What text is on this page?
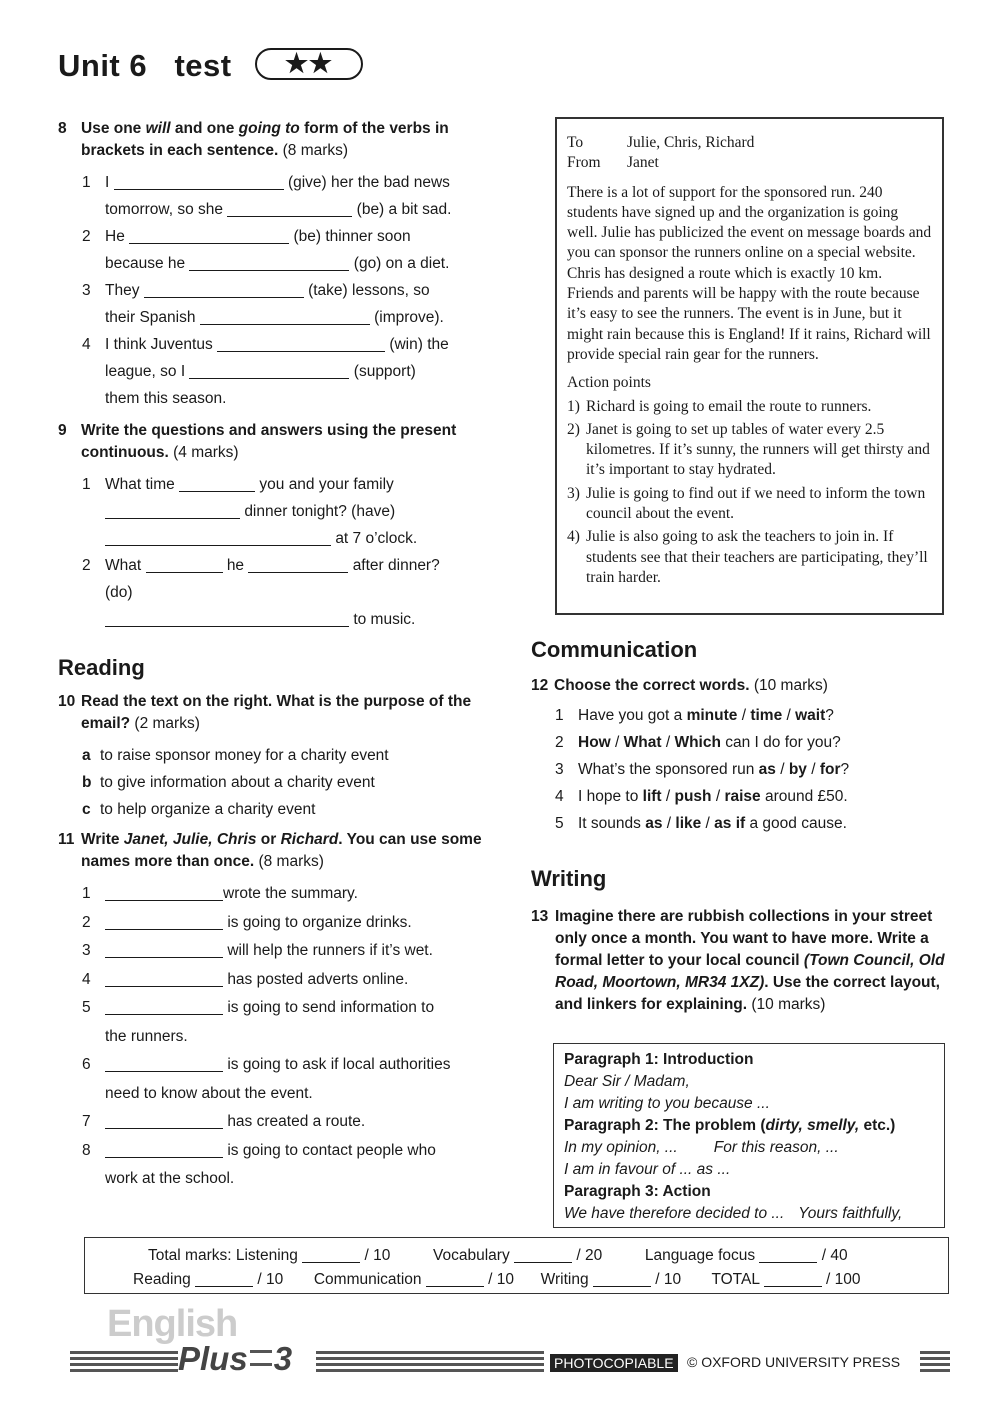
Unit 6   test ★★
8 Use one will and one going to form of the verbs in brackets in each sentence. (8 marks)
1 I	(give) her the bad news
tomorrow, so she	(be) a bit sad.
2 He	(be) thinner soon
because he	(go) on a diet.
3 They	(take) lessons, so
their Spanish	(improve).
4 I think Juventus	(win) the
league, so I	(support)
them this season.
9 Write the questions and answers using the present continuous. (4 marks)
1 What time	you and your family
dinner tonight? (have)
at 7 o’clock.
2 What	he	after dinner?
(do)
to music.
Reading
10 Read the text on the right. What is the purpose of the email? (2 marks)
a to raise sponsor money for a charity event
b to give information about a charity event
c to help organize a charity event
11 Write Janet, Julie, Chris or Richard. You can use some names more than once. (8 marks)
1	wrote the summary.
2	is going to organize drinks.
3	will help the runners if it’s wet.
4	has posted adverts online.
5	is going to send information to
the runners.
6	is going to ask if local authorities
need to know about the event.
7	has created a route.
8	is going to contact people who
work at the school.
To	Julie, Chris, Richard
From	Janet
There is a lot of support for the sponsored run. 240 students have signed up and the organization is going well. Julie has publicized the event on message boards and you can sponsor the runners online on a special website. Chris has designed a route which is exactly 10 km. Friends and parents will be happy with the route because it’s easy to see the runners. The event is in June, but it might rain because this is England! If it rains, Richard will provide special rain gear for the runners.
Action points
1) Richard is going to email the route to runners.
2) Janet is going to set up tables of water every 2.5 kilometres. If it’s sunny, the runners will get thirsty and it’s important to stay hydrated.
3) Julie is going to find out if we need to inform the town council about the event.
4) Julie is also going to ask the teachers to join in. If students see that their teachers are participating, they’ll train harder.
Communication
12 Choose the correct words. (10 marks)
1 Have you got a minute / time / wait?
2 How / What / Which can I do for you?
3 What’s the sponsored run as / by / for?
4 I hope to lift / push / raise around £50.
5 It sounds as / like / as if a good cause.
Writing
13 Imagine there are rubbish collections in your street only once a month. You want to have more. Write a formal letter to your local council (Town Council, Old Road, Moortown, MR34 1XZ). Use the correct layout, and linkers for explaining. (10 marks)
Paragraph 1: Introduction
Dear Sir / Madam,
I am writing to you because ...
Paragraph 2: The problem (dirty, smelly, etc.)
In my opinion, ... For this reason, ...
I am in favour of ... as ...
Paragraph 3: Action
We have therefore decided to ... Yours faithfully,
Total marks: Listening	/ 10	Vocabulary	/ 20	Language focus	/ 40
Reading	/ 10 Communication	/ 10 Writing	/ 10 TOTAL	/ 100
English
Plus 3	PHOTOCOPIABLE © OXFORD UNIVERSITY PRESS
